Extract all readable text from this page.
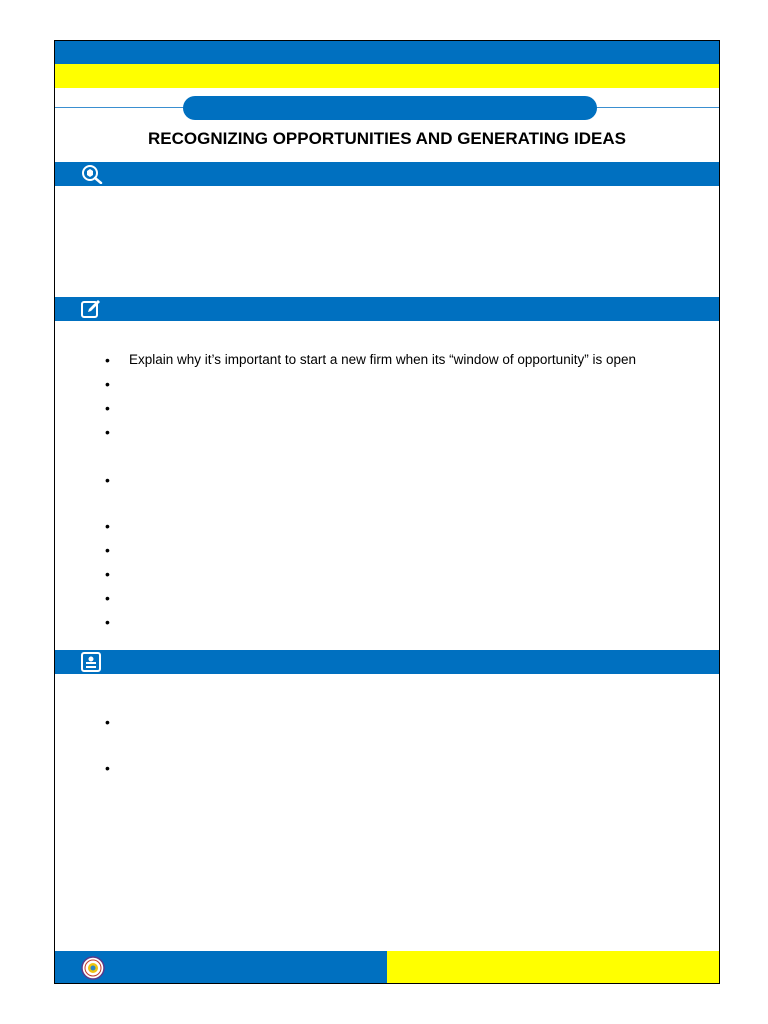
RECOGNIZING OPPORTUNITIES AND GENERATING IDEAS
• Explain why it’s important to start a new firm when its “window of opportunity” is open
•
•
•
•
•
•
•
•
•
•
•
